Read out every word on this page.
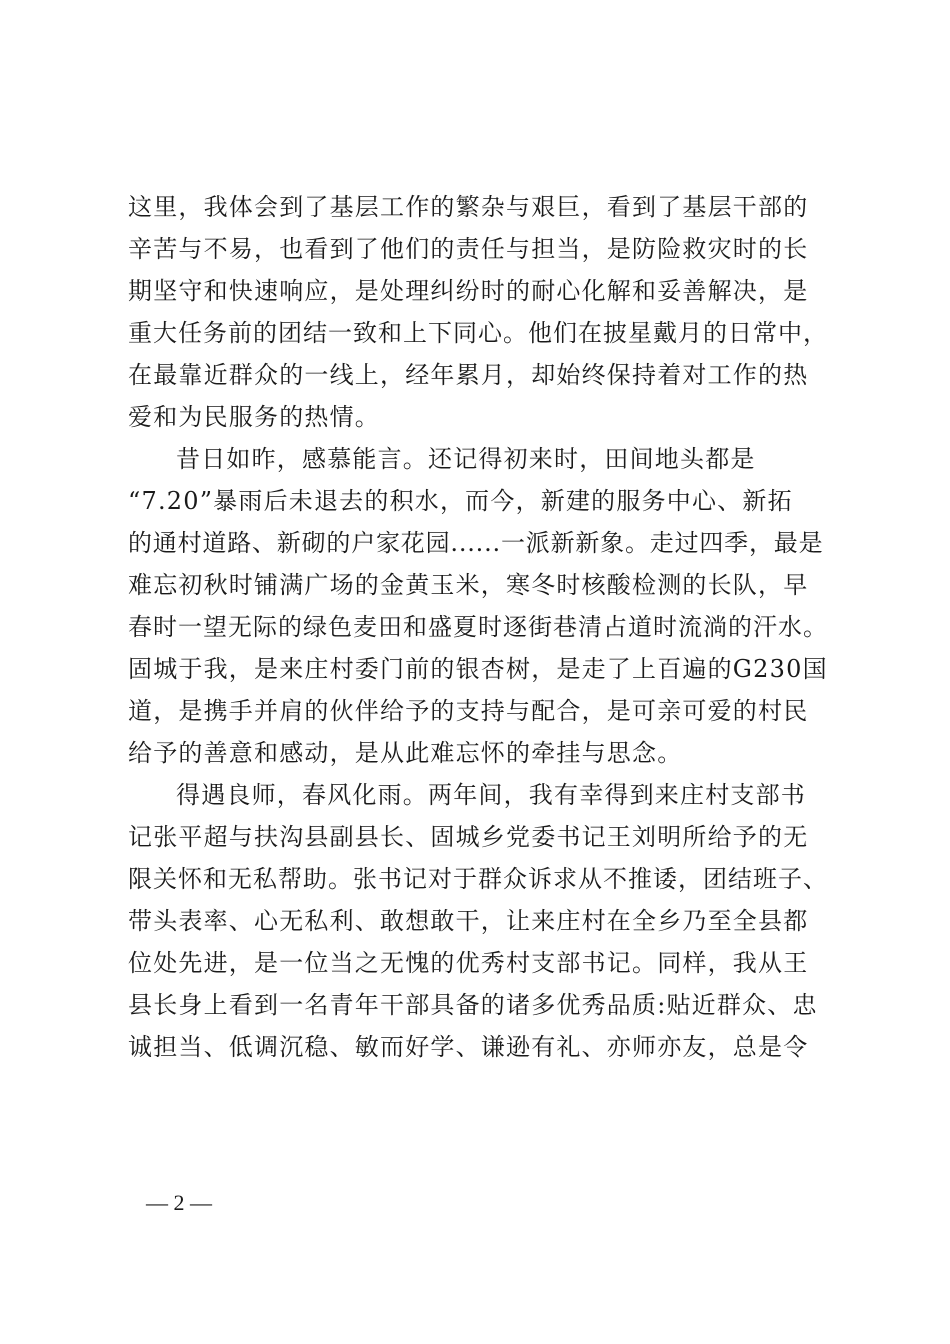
这里，我体会到了基层工作的繁杂与艰巨，看到了基层干部的
辛苦与不易，也看到了他们的责任与担当，是防险救灾时的长
期坚守和快速响应，是处理纠纷时的耐心化解和妥善解决，是
重大任务前的团结一致和上下同心。他们在披星戴月的日常中，
在最靠近群众的一线上，经年累月，却始终保持着对工作的热
爱和为民服务的热情。
昔日如昨，感慕能言。还记得初来时，田间地头都是
“7.20”暴雨后未退去的积水，而今，新建的服务中心、新拓
的通村道路、新砌的户家花园......一派新新象。走过四季，最是
难忘初秋时铺满广场的金黄玉米，寒冬时核酸检测的长队，早
春时一望无际的绿色麦田和盛夏时逐街巷清占道时流淌的汗水。
固城于我，是来庄村委门前的银杏树，是走了上百遍的G230国
道，是携手并肩的伙伴给予的支持与配合，是可亲可爱的村民
给予的善意和感动，是从此难忘怀的牵挂与思念。
得遇良师，春风化雨。两年间，我有幸得到来庄村支部书
记张平超与扶沟县副县长、固城乡党委书记王刘明所给予的无
限关怀和无私帮助。张书记对于群众诉求从不推诿，团结班子、
带头表率、心无私利、敢想敢干，让来庄村在全乡乃至全县都
位处先进，是一位当之无愧的优秀村支部书记。同样，我从王
县长身上看到一名青年干部具备的诸多优秀品质:贴近群众、忠
诚担当、低调沉稳、敏而好学、谦逊有礼、亦师亦友，总是令
— 2 —
